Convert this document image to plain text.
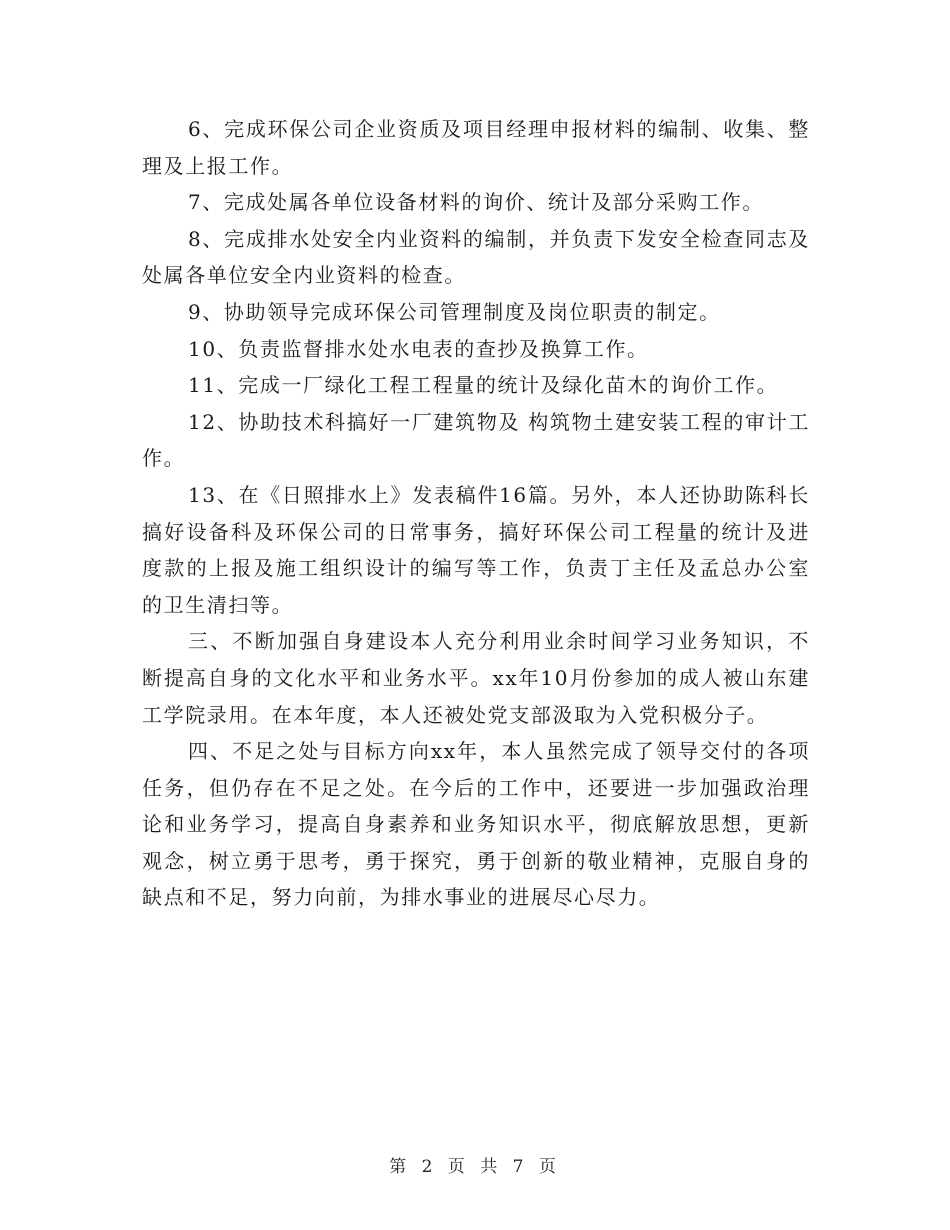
6、完成环保公司企业资质及项目经理申报材料的编制、收集、整理及上报工作。

7、完成处属各单位设备材料的询价、统计及部分采购工作。

8、完成排水处安全内业资料的编制，并负责下发安全检查同志及处属各单位安全内业资料的检查。

9、协助领导完成环保公司管理制度及岗位职责的制定。

10、负责监督排水处水电表的查抄及换算工作。

11、完成一厂绿化工程工程量的统计及绿化苗木的询价工作。

12、协助技术科搞好一厂建筑物及 构筑物土建安装工程的审计工作。

13、在《日照排水上》发表稿件16篇。另外，本人还协助陈科长搞好设备科及环保公司的日常事务，搞好环保公司工程量的统计及进度款的上报及施工组织设计的编写等工作，负责丁主任及孟总办公室的卫生清扫等。

三、不断加强自身建设本人充分利用业余时间学习业务知识，不断提高自身的文化水平和业务水平。xx年10月份参加的成人被山东建工学院录用。在本年度，本人还被处党支部汲取为入党积极分子。

四、不足之处与目标方向xx年，本人虽然完成了领导交付的各项任务，但仍存在不足之处。在今后的工作中，还要进一步加强政治理论和业务学习，提高自身素养和业务知识水平，彻底解放思想，更新观念，树立勇于思考，勇于探究，勇于创新的敬业精神，克服自身的缺点和不足，努力向前，为排水事业的进展尽心尽力。

第 2 页 共 7 页
